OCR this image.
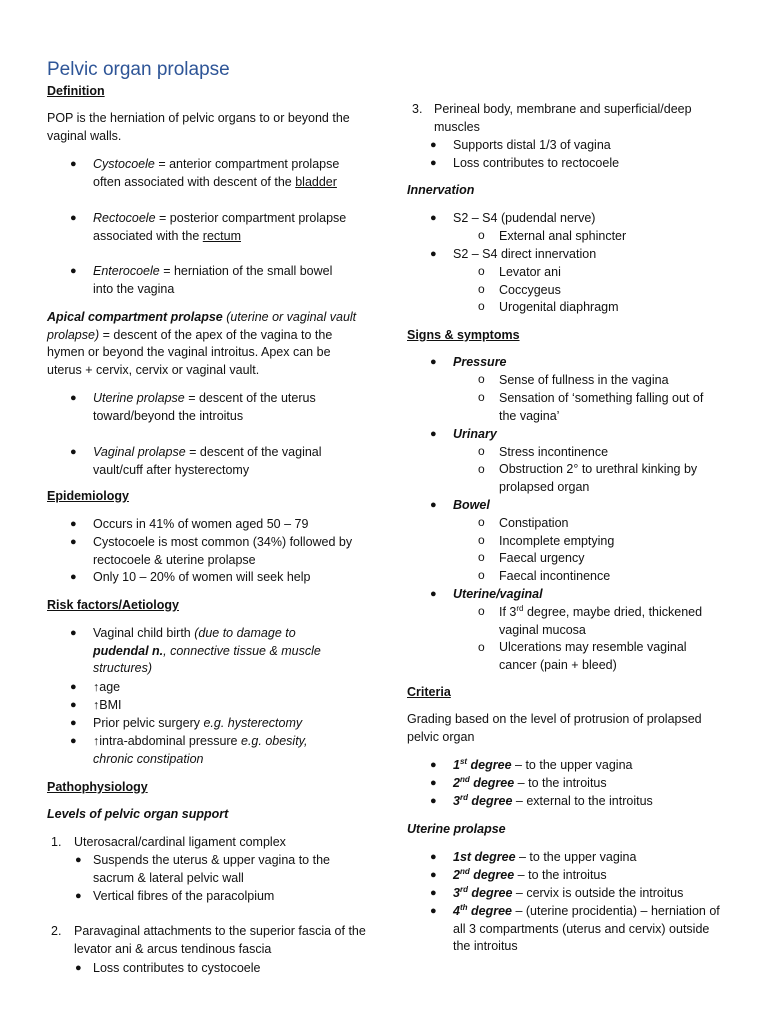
Pelvic organ prolapse
Definition
POP is the herniation of pelvic organs to or beyond the vaginal walls.
● Cystocoele = anterior compartment prolapse often associated with descent of the bladder
● Rectocoele = posterior compartment prolapse associated with the rectum
● Enterocoele = herniation of the small bowel into the vagina
Apical compartment prolapse (uterine or vaginal vault prolapse) = descent of the apex of the vagina to the hymen or beyond the vaginal introitus. Apex can be uterus + cervix, cervix or vaginal vault.
● Uterine prolapse = descent of the uterus toward/beyond the introitus
● Vaginal prolapse = descent of the vaginal vault/cuff after hysterectomy
Epidemiology
● Occurs in 41% of women aged 50 – 79
● Cystocoele is most common (34%) followed by rectocoele & uterine prolapse
● Only 10 – 20% of women will seek help
Risk factors/Aetiology
● Vaginal child birth (due to damage to pudendal n., connective tissue & muscle structures)
● ↑age
● ↑BMI
● Prior pelvic surgery e.g. hysterectomy
● ↑intra-abdominal pressure e.g. obesity, chronic constipation
Pathophysiology
Levels of pelvic organ support
1. Uterosacral/cardinal ligament complex
● Suspends the uterus & upper vagina to the sacrum & lateral pelvic wall
● Vertical fibres of the paracolpium
2. Paravaginal attachments to the superior fascia of the levator ani & arcus tendinous fascia
● Loss contributes to cystocoele
3. Perineal body, membrane and superficial/deep muscles
● Supports distal 1/3 of vagina
● Loss contributes to rectocoele
Innervation
● S2 – S4 (pudendal nerve)
o External anal sphincter
● S2 – S4 direct innervation
o Levator ani
o Coccygeus
o Urogenital diaphragm
Signs & symptoms
● Pressure
o Sense of fullness in the vagina
o Sensation of ‘something falling out of the vagina’
● Urinary
o Stress incontinence
o Obstruction 2° to urethral kinking by prolapsed organ
● Bowel
o Constipation
o Incomplete emptying
o Faecal urgency
o Faecal incontinence
● Uterine/vaginal
o If 3rd degree, maybe dried, thickened vaginal mucosa
o Ulcerations may resemble vaginal cancer (pain + bleed)
Criteria
Grading based on the level of protrusion of prolapsed pelvic organ
● 1st degree – to the upper vagina
● 2nd degree – to the introitus
● 3rd degree – external to the introitus
Uterine prolapse
● 1st degree – to the upper vagina
● 2nd degree – to the introitus
● 3rd degree – cervix is outside the introitus
● 4th degree – (uterine procidentia) – herniation of all 3 compartments (uterus and cervix) outside the introitus
